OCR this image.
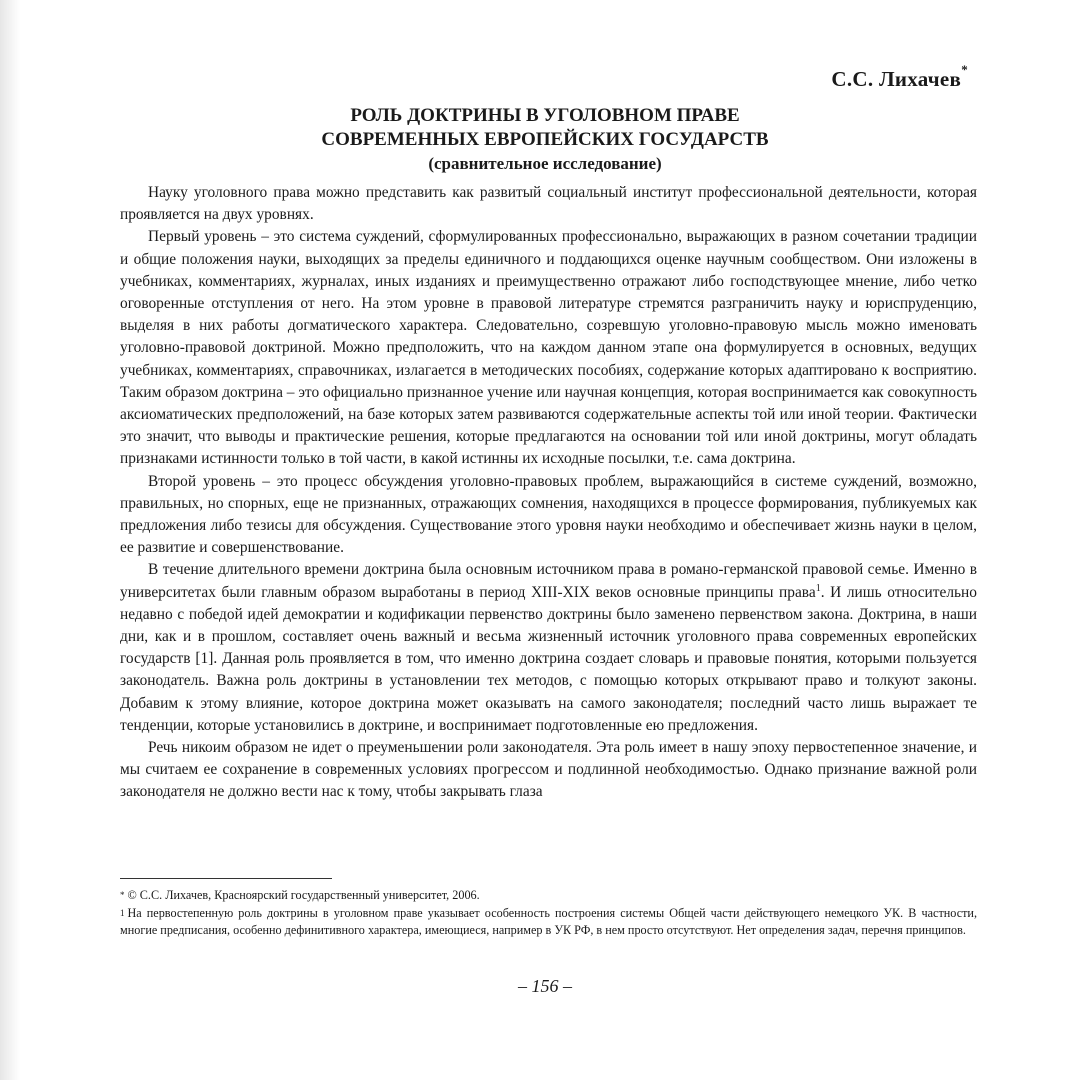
С.С. Лихачев*
РОЛЬ ДОКТРИНЫ В УГОЛОВНОМ ПРАВЕ
СОВРЕМЕННЫХ ЕВРОПЕЙСКИХ ГОСУДАРСТВ
(сравнительное исследование)

Науку уголовного права можно представить как развитый социальный институт профессиональной деятельности, которая проявляется на двух уровнях.

Первый уровень – это система суждений, сформулированных профессионально, выражающих в разном сочетании традиции и общие положения науки, выходящих за пределы единичного и поддающихся оценке научным сообществом. Они изложены в учебниках, комментариях, журналах, иных изданиях и преимущественно отражают либо господствующее мнение, либо четко оговоренные отступления от него. На этом уровне в правовой литературе стремятся разграничить науку и юриспруденцию, выделяя в них работы догматического характера. Следовательно, созревшую уголовно-правовую мысль можно именовать уголовно-правовой доктриной. Можно предположить, что на каждом данном этапе она формулируется в основных, ведущих учебниках, комментариях, справочниках, излагается в методических пособиях, содержание которых адаптировано к восприятию. Таким образом доктрина – это официально признанное учение или научная концепция, которая воспринимается как совокупность аксиоматических предположений, на базе которых затем развиваются содержательные аспекты той или иной теории. Фактически это значит, что выводы и практические решения, которые предлагаются на основании той или иной доктрины, могут обладать признаками истинности только в той части, в какой истинны их исходные посылки, т.е. сама доктрина.

Второй уровень – это процесс обсуждения уголовно-правовых проблем, выражающийся в системе суждений, возможно, правильных, но спорных, еще не признанных, отражающих сомнения, находящихся в процессе формирования, публикуемых как предложения либо тезисы для обсуждения. Существование этого уровня науки необходимо и обеспечивает жизнь науки в целом, ее развитие и совершенствование.

В течение длительного времени доктрина была основным источником права в романо-германской правовой семье. Именно в университетах были главным образом выработаны в период XIII-XIX веков основные принципы права$^1$. И лишь относительно недавно с победой идей демократии и кодификации первенство доктрины было заменено первенством закона. Доктрина, в наши дни, как и в прошлом, составляет очень важный и весьма жизненный источник уголовного права современных европейских государств [1]. Данная роль проявляется в том, что именно доктрина создает словарь и правовые понятия, которыми пользуется законодатель. Важна роль доктрины в установлении тех методов, с помощью которых открывают право и толкуют законы. Добавим к этому влияние, которое доктрина может оказывать на самого законодателя; последний часто лишь выражает те тенденции, которые установились в доктрине, и воспринимает подготовленные ею предложения.

Речь никоим образом не идет о преуменьшении роли законодателя. Эта роль имеет в нашу эпоху первостепенное значение, и мы считаем ее сохранение в современных условиях прогрессом и подлинной необходимостью. Однако признание важной роли законодателя не должно вести нас к тому, чтобы закрывать глаза

* © С.С. Лихачев, Красноярский государственный университет, 2006.

$^1$ На первостепенную роль доктрины в уголовном праве указывает особенность построения системы Общей части действующего немецкого УК. В частности, многие предписания, особенно дефинитивного характера, имеющиеся, например в УК РФ, в нем просто отсутствуют. Нет определения задач, перечня принципов.

– 156 –
